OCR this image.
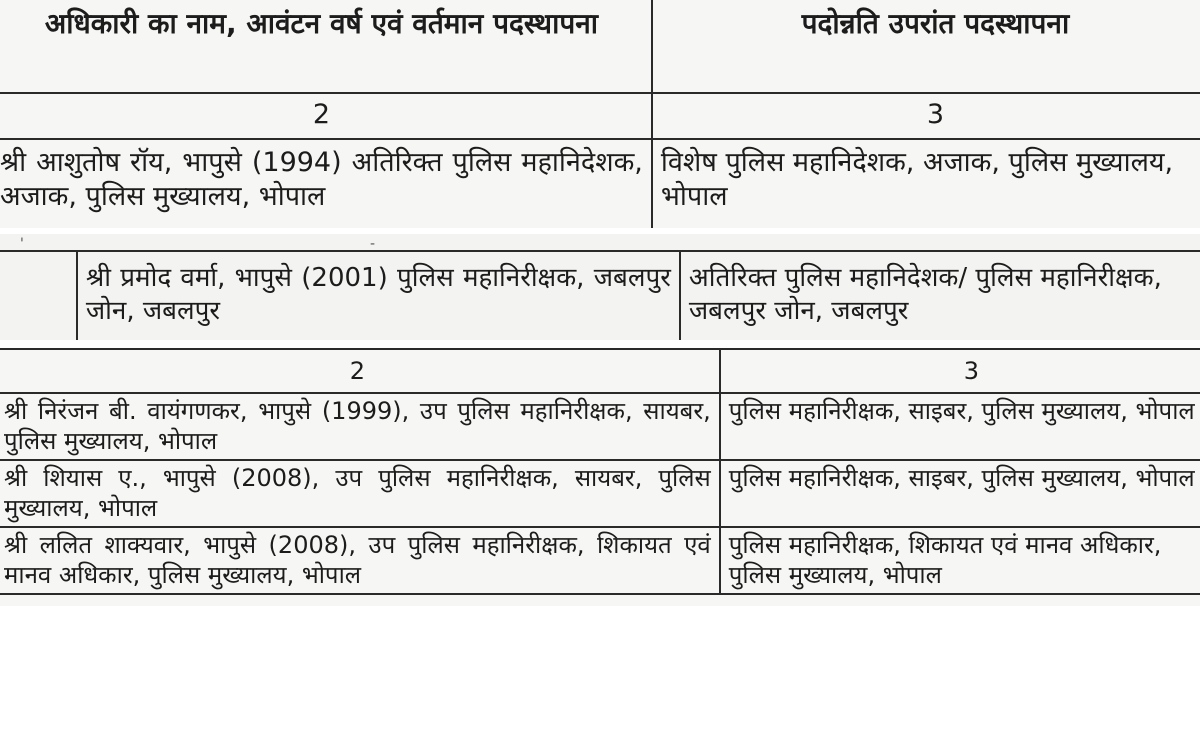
अधिकारी का नाम, आवंटन वर्ष एवं वर्तमान पदस्थापना	पदोन्नति उपरांत पदस्थापना
2	3
श्री आशुतोष रॉय, भापुसे (1994) अतिरिक्त पुलिस महानिदेशक, अजाक, पुलिस मुख्यालय, भोपाल	विशेष पुलिस महानिदेशक, अजाक, पुलिस मुख्यालय, भोपाल
'	-
	श्री प्रमोद वर्मा, भापुसे (2001) पुलिस महानिरीक्षक, जबलपुर जोन, जबलपुर	अतिरिक्त पुलिस महानिदेशक/ पुलिस महानिरीक्षक, जबलपुर जोन, जबलपुर
2	3
श्री निरंजन बी. वायंगणकर, भापुसे (1999), उप पुलिस महानिरीक्षक, सायबर, पुलिस मुख्यालय, भोपाल	पुलिस महानिरीक्षक, साइबर, पुलिस मुख्यालय, भोपाल
श्री शियास ए., भापुसे (2008), उप पुलिस महानिरीक्षक, सायबर, पुलिस मुख्यालय, भोपाल	पुलिस महानिरीक्षक, साइबर, पुलिस मुख्यालय, भोपाल
श्री ललित शाक्यवार, भापुसे (2008), उप पुलिस महानिरीक्षक, शिकायत एवं मानव अधिकार, पुलिस मुख्यालय, भोपाल	पुलिस महानिरीक्षक, शिकायत एवं मानव अधिकार, पुलिस मुख्यालय, भोपाल
